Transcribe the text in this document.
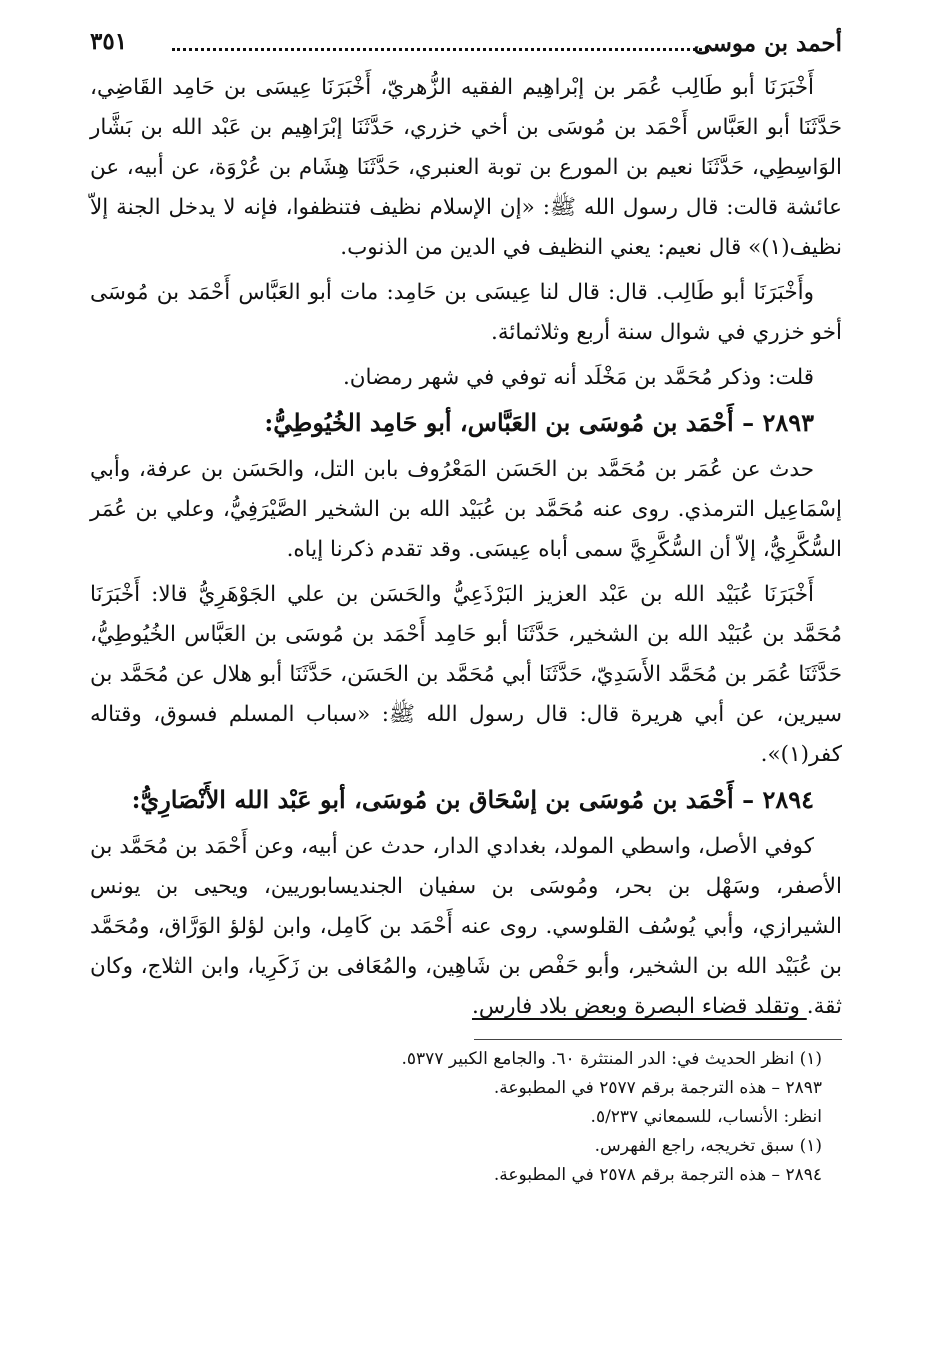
أحمد بن موسى
٣٥١

أَخْبَرَنَا أبو طَالِب عُمَر بن إبْراهِيم الفقيه الزُّهريّ، أَخْبَرَنَا عِيسَى بن حَامِد القَاضِي، حَدَّثَنَا أبو العَبَّاس أَحْمَد بن مُوسَى بن أخي خزري، حَدَّثَنَا إبْرَاهِيم بن عَبْد الله بن بَشَّار الوَاسِطِي، حَدَّثَنَا نعيم بن المورع بن توبة العنبري، حَدَّثَنَا هِشَام بن عُرْوَة، عن أبيه، عن عائشة قالت: قال رسول الله ﷺ: «إن الإسلام نظيف فتنظفوا، فإنه لا يدخل الجنة إلاّ نظيف(١)» قال نعيم: يعني النظيف في الدين من الذنوب.

وأَخْبَرَنَا أبو طَالِب. قال: قال لنا عِيسَى بن حَامِد: مات أبو العَبَّاس أَحْمَد بن مُوسَى أخو خزري في شوال سنة أربع وثلاثمائة.

قلت: وذكر مُحَمَّد بن مَخْلَد أنه توفي في شهر رمضان.

٢٨٩٣ – أَحْمَد بن مُوسَى بن العَبَّاس، أبو حَامِد الخُيُوطِيُّ:

حدث عن عُمَر بن مُحَمَّد بن الحَسَن المَعْرُوف بابن التل، والحَسَن بن عرفة، وأبي إسْمَاعِيل الترمذي. روى عنه مُحَمَّد بن عُبَيْد الله بن الشخير الصَّيْرَفِيُّ، وعلي بن عُمَر السُّكَّرِيُّ، إلاّ أن السُّكَّرِيَّ سمى أباه عِيسَى. وقد تقدم ذكرنا إياه.

أَخْبَرَنَا عُبَيْد الله بن عَبْد العزيز البَرْذَعِيُّ والحَسَن بن علي الجَوْهَرِيُّ قالا: أَخْبَرَنَا مُحَمَّد بن عُبَيْد الله بن الشخير، حَدَّثَنَا أبو حَامِد أَحْمَد بن مُوسَى بن العَبَّاس الخُيُوطِيُّ، حَدَّثَنَا عُمَر بن مُحَمَّد الأَسَدِيّ، حَدَّثَنَا أبي مُحَمَّد بن الحَسَن، حَدَّثَنَا أبو هلال عن مُحَمَّد بن سيرين، عن أبي هريرة قال: قال رسول الله ﷺ: «سباب المسلم فسوق، وقتاله كفر(١)».

٢٨٩٤ – أَحْمَد بن مُوسَى بن إسْحَاق بن مُوسَى، أبو عَبْد الله الأَنْصَارِيُّ:

كوفي الأصل، واسطي المولد، بغدادي الدار، حدث عن أبيه، وعن أَحْمَد بن مُحَمَّد بن الأصفر، وسَهْل بن بحر، ومُوسَى بن سفيان الجنديسابوريين، ويحيى بن يونس الشيرازي، وأبي يُوسُف القلوسي. روى عنه أَحْمَد بن كَامِل، وابن لؤلؤ الوَرَّاق، ومُحَمَّد بن عُبَيْد الله بن الشخير، وأبو حَفْص بن شَاهِين، والمُعَافى بن زَكَرِيا، وابن الثلاج، وكان ثقة. وتقلد قضاء البصرة وبعض بلاد فارس.

(١) انظر الحديث في: الدر المنتثرة ٦٠. والجامع الكبير ٥٣٧٧.

٢٨٩٣ – هذه الترجمة برقم ٢٥٧٧ في المطبوعة.

انظر: الأنساب، للسمعاني ٥/٢٣٧.

(١) سبق تخريجه، راجع الفهرس.

٢٨٩٤ – هذه الترجمة برقم ٢٥٧٨ في المطبوعة.
